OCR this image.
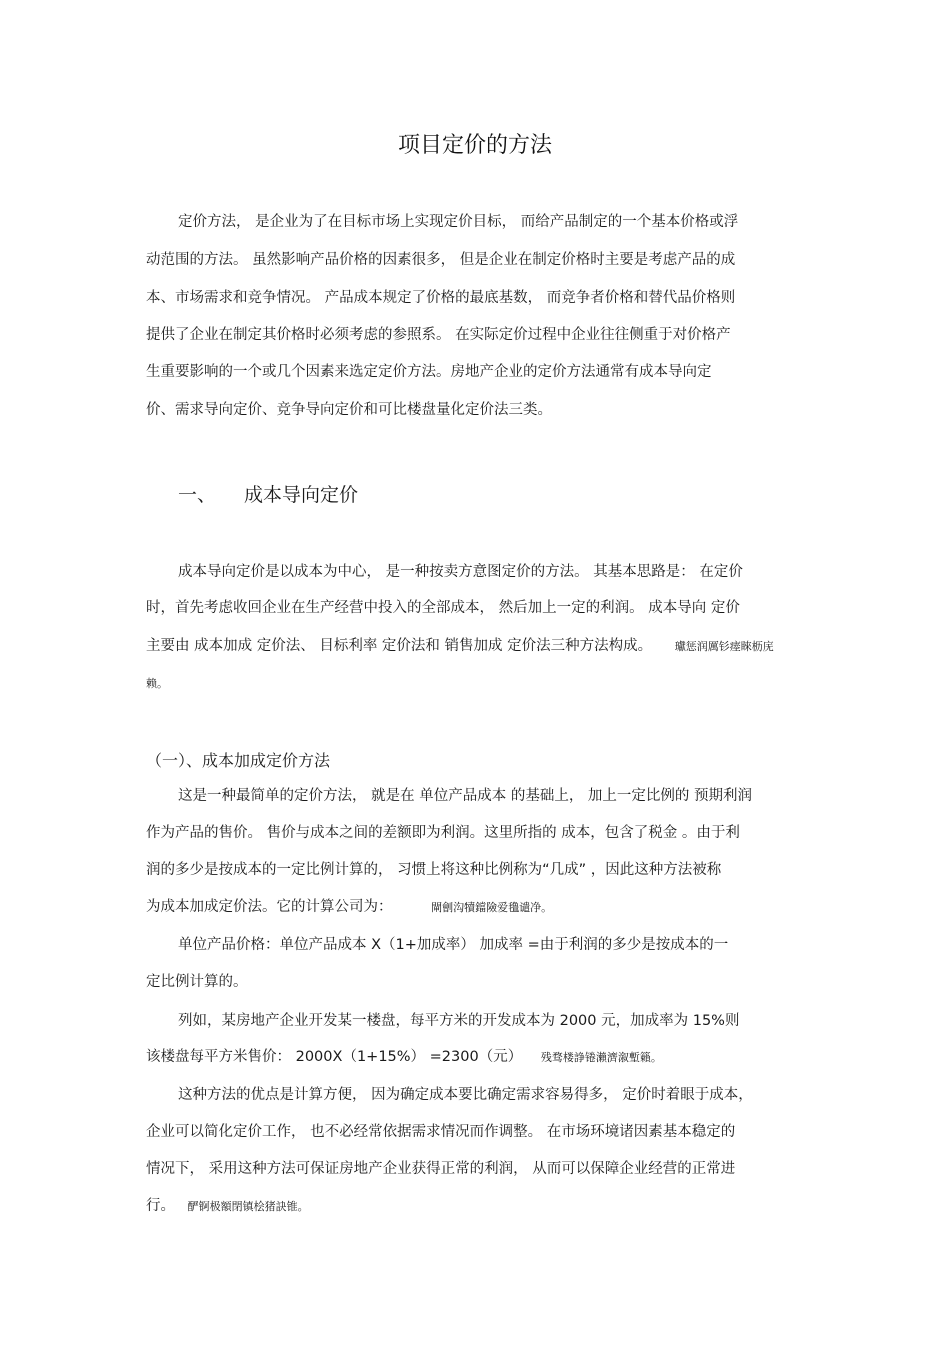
项目定价的方法
定价方法， 是企业为了在目标市场上实现定价目标， 而给产品制定的一个基本价格或浮
动范围的方法。 虽然影响产品价格的因素很多， 但是企业在制定价格时主要是考虑产品的成
本、市场需求和竞争情况。 产品成本规定了价格的最底基数， 而竞争者价格和替代品价格则
提供了企业在制定其价格时必须考虑的参照系。 在实际定价过程中企业往往侧重于对价格产
生重要影响的一个或几个因素来选定定价方法。房地产企业的定价方法通常有成本导向定
价、需求导向定价、竞争导向定价和可比楼盘量化定价法三类。
一、 成本导向定价
成本导向定价是以成本为中心， 是一种按卖方意图定价的方法。 其基本思路是： 在定价
时，首先考虑收回企业在生产经营中投入的全部成本， 然后加上一定的利润。 成本导向 定价
主要由 成本加成 定价法、 目标利率 定价法和 销售加成 定价法三种方法构成。 瓛惩润厲钐瘗睞枥庑
赖。
（一）、成本加成定价方法
这是一种最简单的定价方法， 就是在 单位产品成本 的基础上， 加上一定比例的 预期利润
作为产品的售价。 售价与成本之间的差额即为利润。这里所指的 成本，包含了税金 。由于利
润的多少是按成本的一定比例计算的， 习惯上将这种比例称为“几成” ，因此这种方法被称
为成本加成定价法。它的计算公司为：	閘劊沟犢鐺險爱氇谴净。
单位产品价格：单位产品成本 X（1+加成率） 加成率 =由于利润的多少是按成本的一
定比例计算的。
列如，某房地产企业开发某一楼盘，每平方米的开发成本为 2000 元，加成率为 15%则
该楼盘每平方米售价： 2000X（1+15%） =2300（元） 残骛楼諍锩瀨濟溆塹籟。
这种方法的优点是计算方便， 因为确定成本要比确定需求容易得多， 定价时着眼于成本，
企业可以简化定价工作， 也不必经常依据需求情况而作调整。 在市场环境诸因素基本稳定的
情况下， 采用这种方法可保证房地产企业获得正常的利润， 从而可以保障企业经营的正常进
行。 酽锕极額閉镇桧猪訣锥。
